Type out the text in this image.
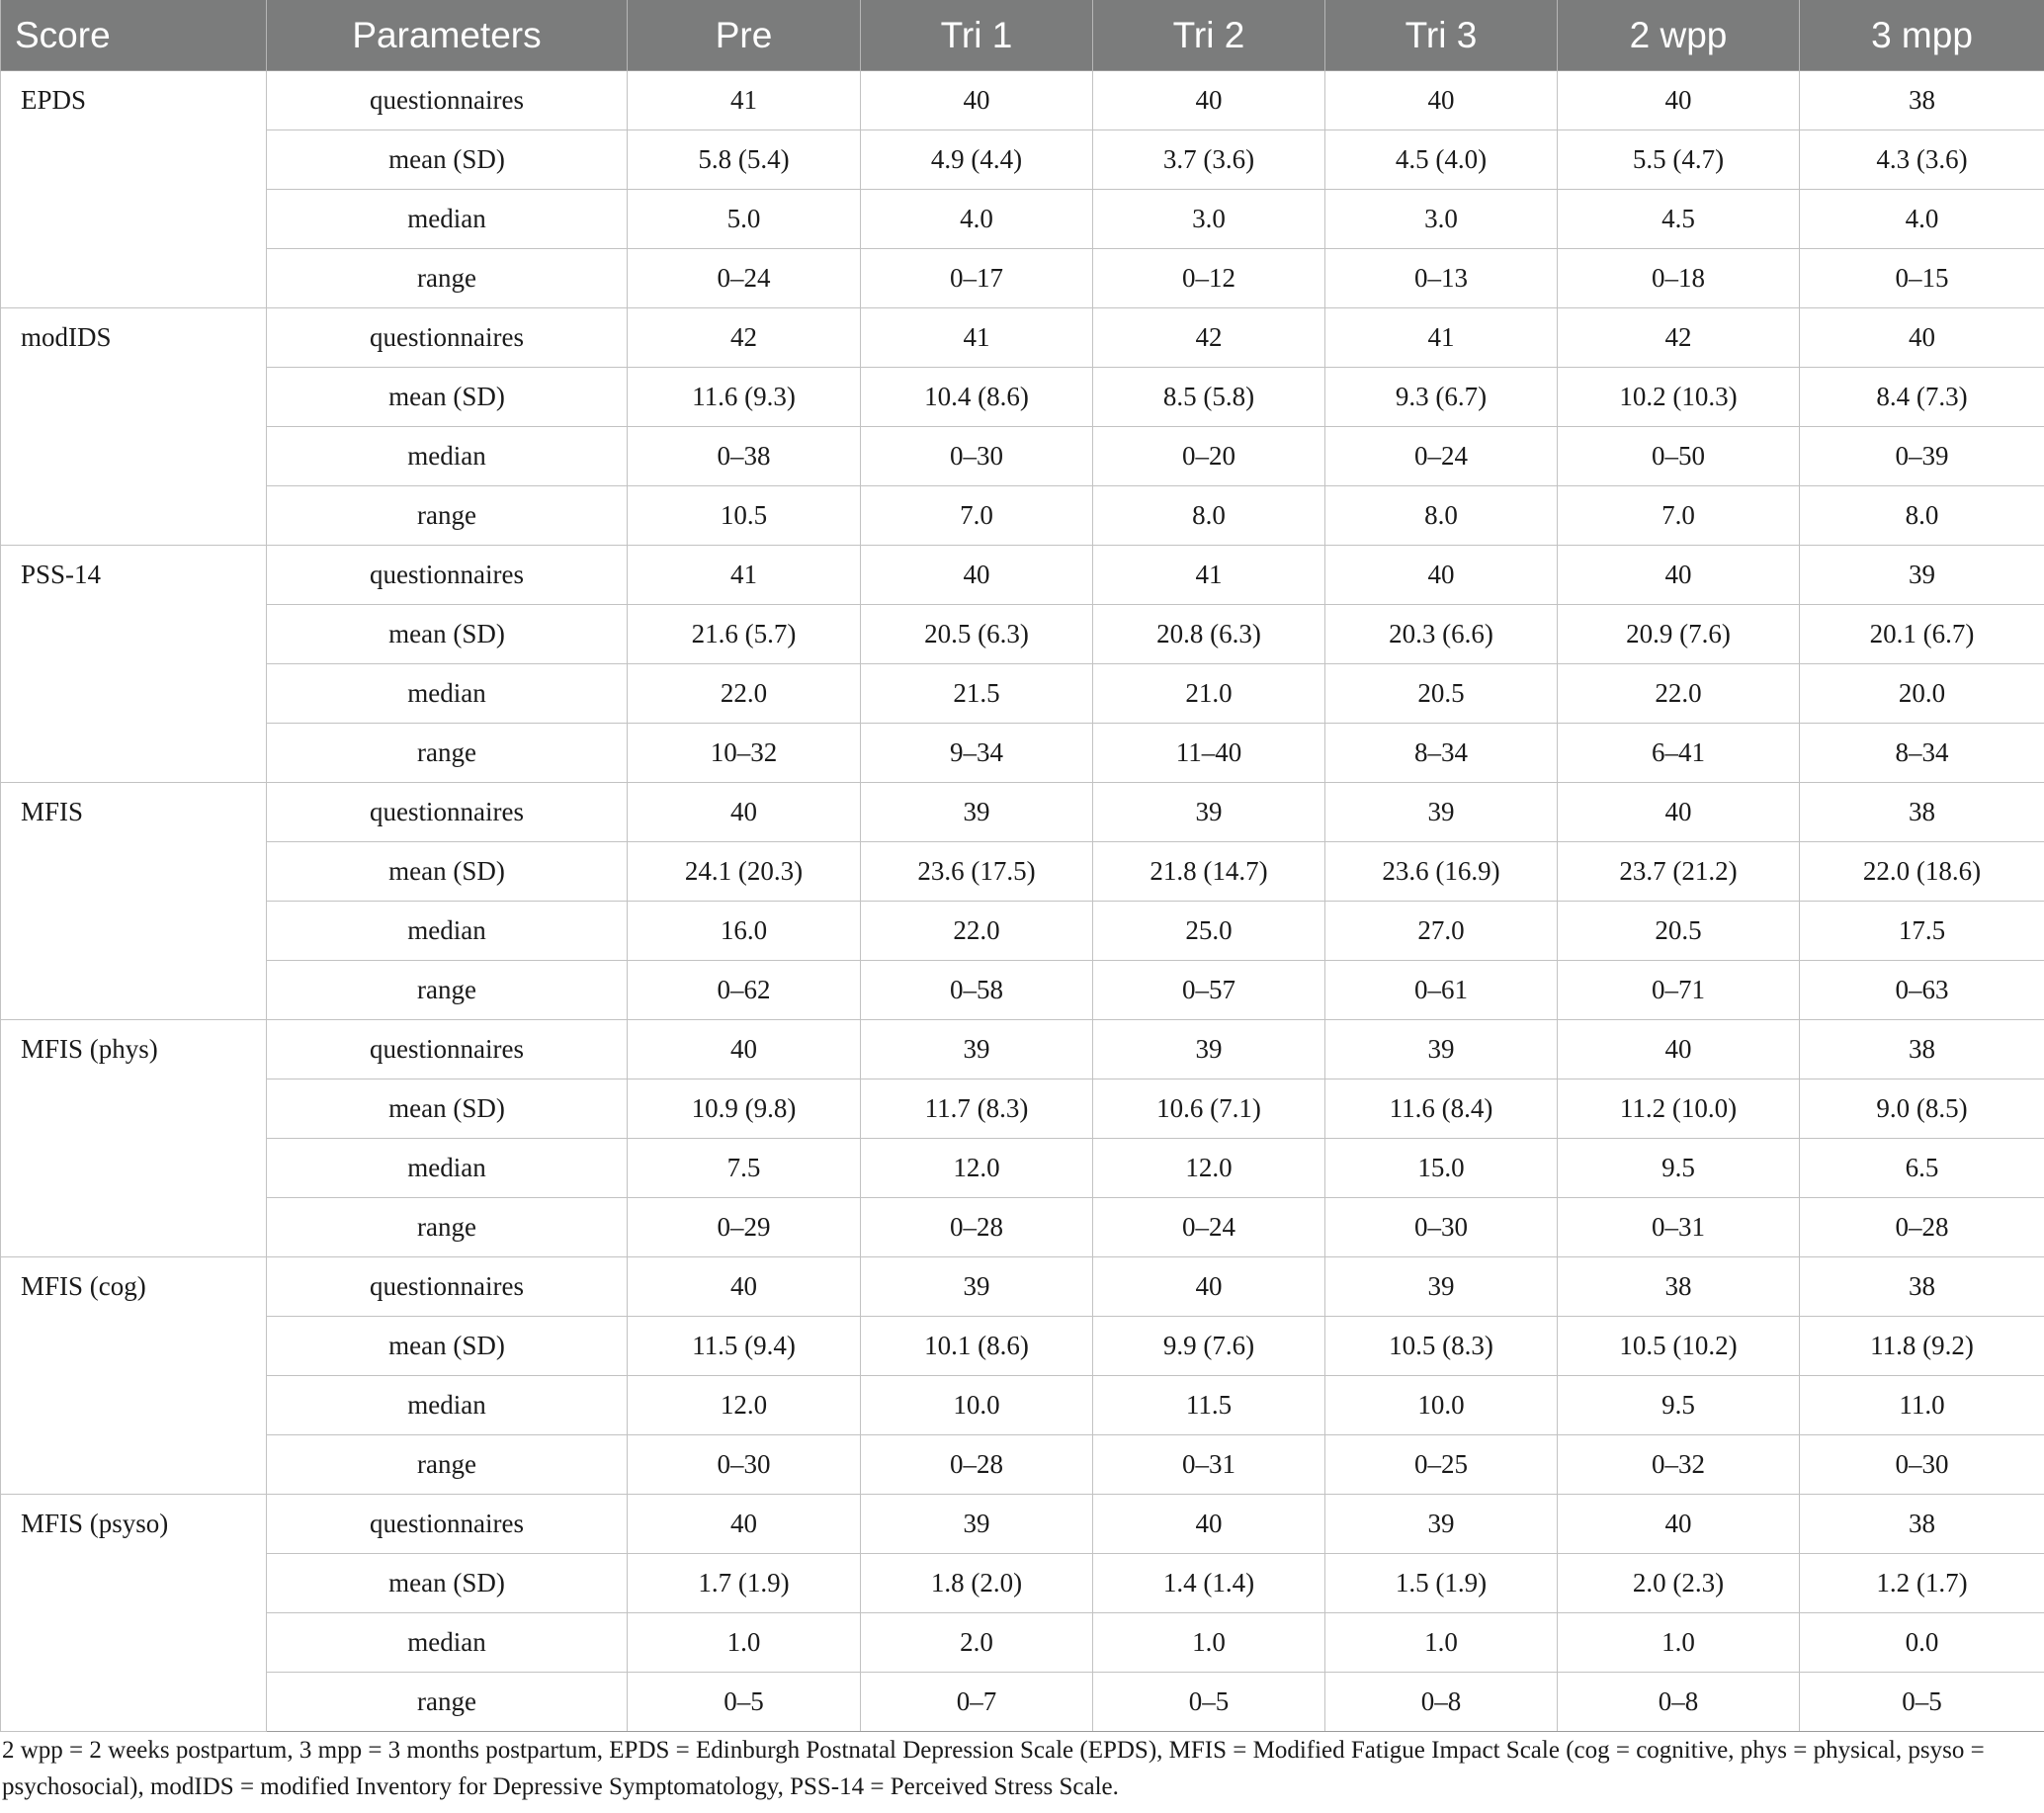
Score	Parameters	Pre	Tri 1	Tri 2	Tri 3	2 wpp	3 mpp
EPDS	questionnaires	41	40	40	40	40	38
	mean (SD)	5.8 (5.4)	4.9 (4.4)	3.7 (3.6)	4.5 (4.0)	5.5 (4.7)	4.3 (3.6)
	median	5.0	4.0	3.0	3.0	4.5	4.0
	range	0–24	0–17	0–12	0–13	0–18	0–15
modIDS	questionnaires	42	41	42	41	42	40
	mean (SD)	11.6 (9.3)	10.4 (8.6)	8.5 (5.8)	9.3 (6.7)	10.2 (10.3)	8.4 (7.3)
	median	0–38	0–30	0–20	0–24	0–50	0–39
	range	10.5	7.0	8.0	8.0	7.0	8.0
PSS-14	questionnaires	41	40	41	40	40	39
	mean (SD)	21.6 (5.7)	20.5 (6.3)	20.8 (6.3)	20.3 (6.6)	20.9 (7.6)	20.1 (6.7)
	median	22.0	21.5	21.0	20.5	22.0	20.0
	range	10–32	9–34	11–40	8–34	6–41	8–34
MFIS	questionnaires	40	39	39	39	40	38
	mean (SD)	24.1 (20.3)	23.6 (17.5)	21.8 (14.7)	23.6 (16.9)	23.7 (21.2)	22.0 (18.6)
	median	16.0	22.0	25.0	27.0	20.5	17.5
	range	0–62	0–58	0–57	0–61	0–71	0–63
MFIS (phys)	questionnaires	40	39	39	39	40	38
	mean (SD)	10.9 (9.8)	11.7 (8.3)	10.6 (7.1)	11.6 (8.4)	11.2 (10.0)	9.0 (8.5)
	median	7.5	12.0	12.0	15.0	9.5	6.5
	range	0–29	0–28	0–24	0–30	0–31	0–28
MFIS (cog)	questionnaires	40	39	40	39	38	38
	mean (SD)	11.5 (9.4)	10.1 (8.6)	9.9 (7.6)	10.5 (8.3)	10.5 (10.2)	11.8 (9.2)
	median	12.0	10.0	11.5	10.0	9.5	11.0
	range	0–30	0–28	0–31	0–25	0–32	0–30
MFIS (psyso)	questionnaires	40	39	40	39	40	38
	mean (SD)	1.7 (1.9)	1.8 (2.0)	1.4 (1.4)	1.5 (1.9)	2.0 (2.3)	1.2 (1.7)
	median	1.0	2.0	1.0	1.0	1.0	0.0
	range	0–5	0–7	0–5	0–8	0–8	0–5
2 wpp = 2 weeks postpartum, 3 mpp = 3 months postpartum, EPDS = Edinburgh Postnatal Depression Scale (EPDS), MFIS = Modified Fatigue Impact Scale (cog = cognitive, phys = physical, psyso = psychosocial), modIDS = modified Inventory for Depressive Symptomatology, PSS-14 = Perceived Stress Scale.
